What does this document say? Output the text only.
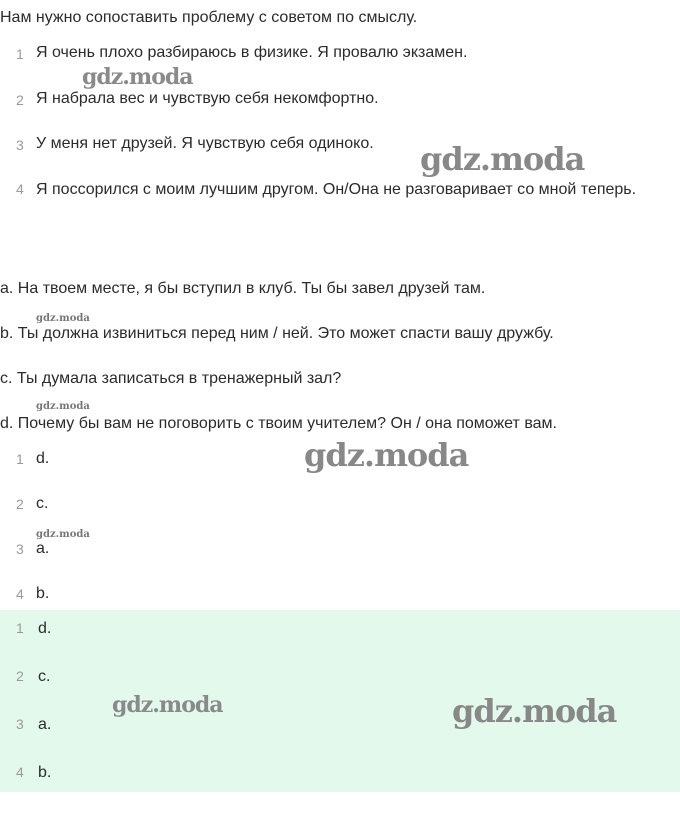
Нам нужно сопоставить проблему с советом по смыслу.
1 Я очень плохо разбираюсь в физике. Я провалю экзамен.
2 Я набрала вес и чувствую себя некомфортно.
3 У меня нет друзей. Я чувствую себя одиноко.
4 Я поссорился с моим лучшим другом. Он/Она не разговаривает со мной теперь.
a. На твоем месте, я бы вступил в клуб. Ты бы завел друзей там.
b. Ты должна извиниться перед ним / ней. Это может спасти вашу дружбу.
c. Ты думала записаться в тренажерный зал?
d. Почему бы вам не поговорить с твоим учителем? Он / она поможет вам.
1 d.
2 c.
3 a.
4 b.
1 d.
2 c.
3 a.
4 b.
gdz.moda
gdz.moda
gdz.moda
gdz.moda
gdz.moda
gdz.moda
gdz.moda	gdz.moda
